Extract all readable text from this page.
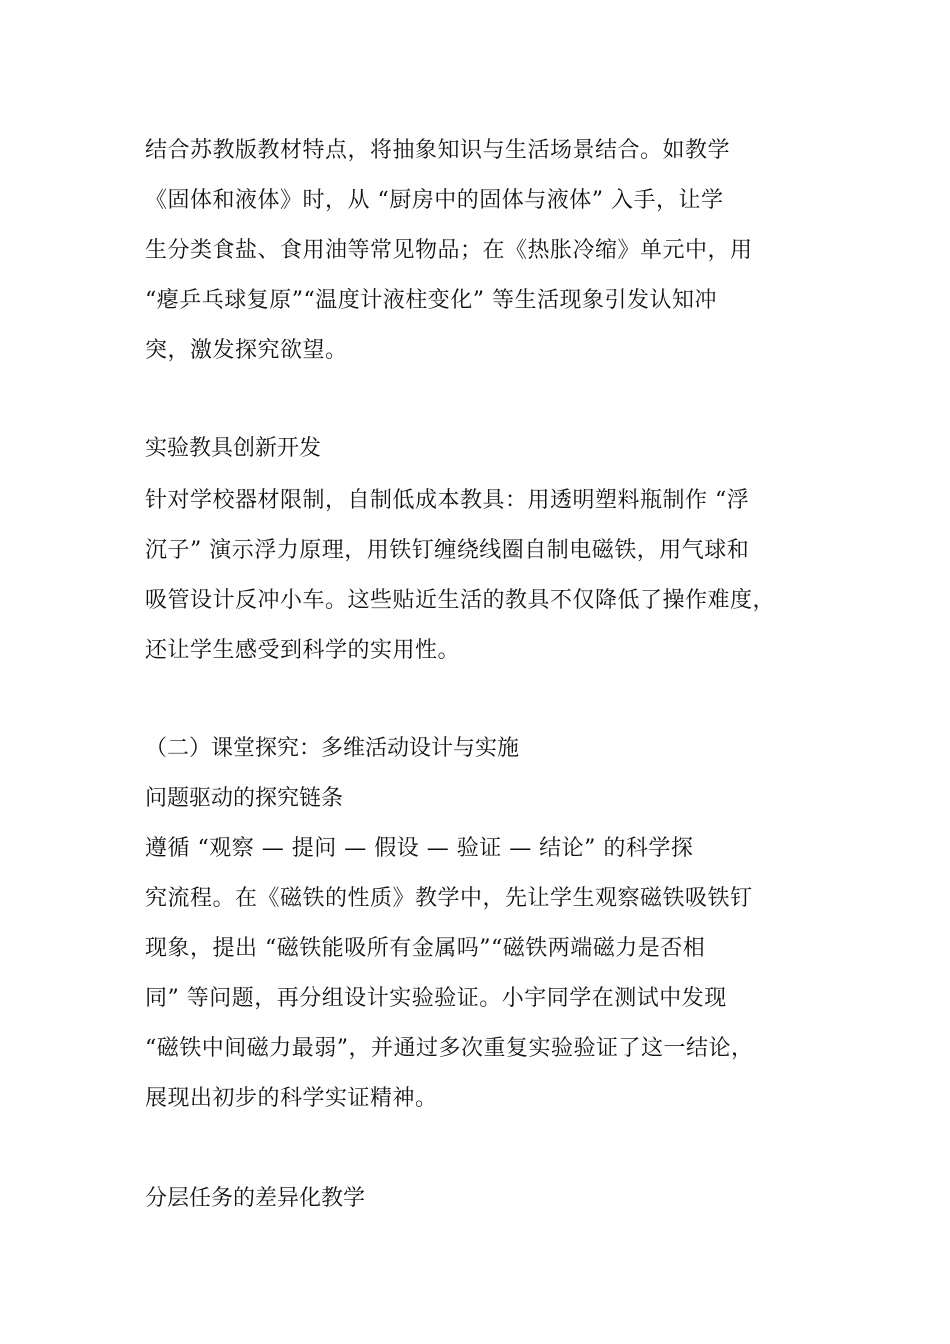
结合苏教版教材特点，将抽象知识与生活场景结合。如教学
《固体和液体》时，从 “厨房中的固体与液体” 入手，让学
生分类食盐、食用油等常见物品；在《热胀冷缩》单元中，用
“瘪乒乓球复原”“温度计液柱变化” 等生活现象引发认知冲
突，激发探究欲望。
实验教具创新开发
针对学校器材限制，自制低成本教具：用透明塑料瓶制作 “浮
沉子” 演示浮力原理，用铁钉缠绕线圈自制电磁铁，用气球和
吸管设计反冲小车。这些贴近生活的教具不仅降低了操作难度，
还让学生感受到科学的实用性。
（二）课堂探究：多维活动设计与实施
问题驱动的探究链条
遵循 “观察 — 提问 — 假设 — 验证 — 结论” 的科学探
究流程。在《磁铁的性质》教学中，先让学生观察磁铁吸铁钉
现象，提出 “磁铁能吸所有金属吗”“磁铁两端磁力是否相
同” 等问题，再分组设计实验验证。小宇同学在测试中发现
“磁铁中间磁力最弱”，并通过多次重复实验验证了这一结论，
展现出初步的科学实证精神。
分层任务的差异化教学
